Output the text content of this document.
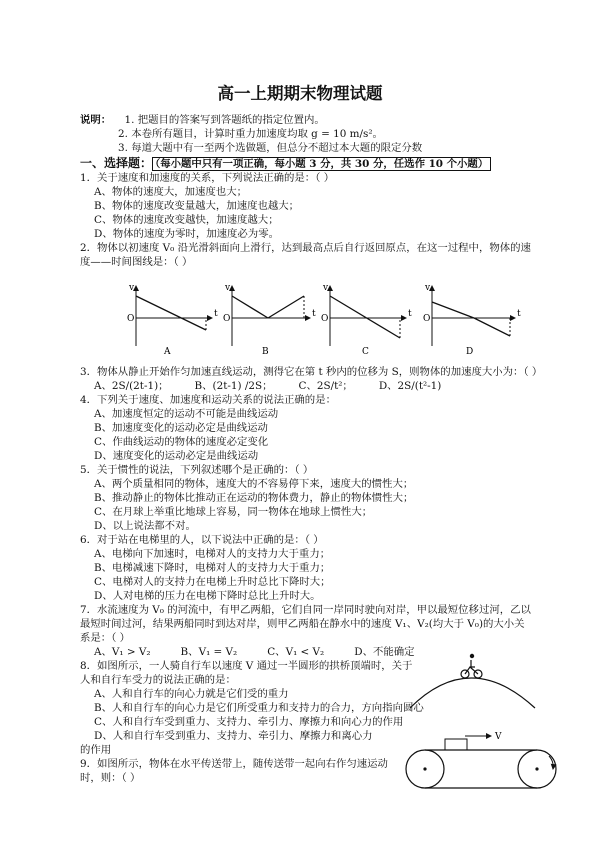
高一上期期末物理试题
说明： 1. 把题目的答案写到答题纸的指定位置内。
2. 本卷所有题目，计算时重力加速度均取 g = 10 m/s²。
3. 每道大题中有一至两个选做题，但总分不超过本大题的限定分数
一、选择题： （每小题中只有一项正确，每小题 3 分，共 30 分，任选作 10 个小题）
1．关于速度和加速度的关系，下列说法正确的是：（ ）
A、物体的速度大，加速度也大；
B、物体的速度改变量越大，加速度也越大；
C、物体的速度改变越快，加速度越大；
D、物体的速度为零时，加速度必为零。
2．物体以初速度 V₀ 沿光滑斜面向上滑行，达到最高点后自行返回原点，在这一过程中，物体的速
度——时间图线是：（ ）
v
O	t
A
v
O	t
B
v
O	t
C
v
O	t
D
3．物体从静止开始作匀加速直线运动，测得它在第 t 秒内的位移为 S，则物体的加速度大小为：（ ）
A、2S/(2t-1)；	B、(2t-1) /2S；	C、2S/t²；	D、2S/(t²-1)
4．下列关于速度、加速度和运动关系的说法正确的是：
A、加速度恒定的运动不可能是曲线运动
B、加速度变化的运动必定是曲线运动
C、作曲线运动的物体的速度必定变化
D、速度变化的运动必定是曲线运动
5．关于惯性的说法，下列叙述哪个是正确的：（ ）
A、两个质量相同的物体，速度大的不容易停下来，速度大的惯性大；
B、推动静止的物体比推动正在运动的物体费力，静止的物体惯性大；
C、在月球上举重比地球上容易，同一物体在地球上惯性大；
D、以上说法都不对。
6．对于站在电梯里的人，以下说法中正确的是：（ ）
A、电梯向下加速时，电梯对人的支持力大于重力；
B、电梯减速下降时，电梯对人的支持力大于重力；
C、电梯对人的支持力在电梯上升时总比下降时大；
D、人对电梯的压力在电梯下降时总比上升时大。
7．水流速度为 V₀ 的河流中，有甲乙两船，它们自同一岸同时驶向对岸，甲以最短位移过河，乙以
最短时间过河，结果两船同时到达对岸，则甲乙两船在静水中的速度 V₁、V₂(均大于 V₀)的大小关
系是：（ ）
A、V₁ > V₂	B、V₁ = V₂	C、V₁ < V₂	D、不能确定
8．如图所示，一人骑自行车以速度 V 通过一半圆形的拱桥顶端时，关于
人和自行车受力的说法正确的是：
A、人和自行车的向心力就是它们受的重力
B、人和自行车的向心力是它们所受重力和支持力的合力，方向指向圆心
C、人和自行车受到重力、支持力、牵引力、摩擦力和向心力的作用
D、人和自行车受到重力、支持力、牵引力、摩擦力和离心力
的作用
9．如图所示，物体在水平传送带上，随传送带一起向右作匀速运动
时，则：（ ）
V
